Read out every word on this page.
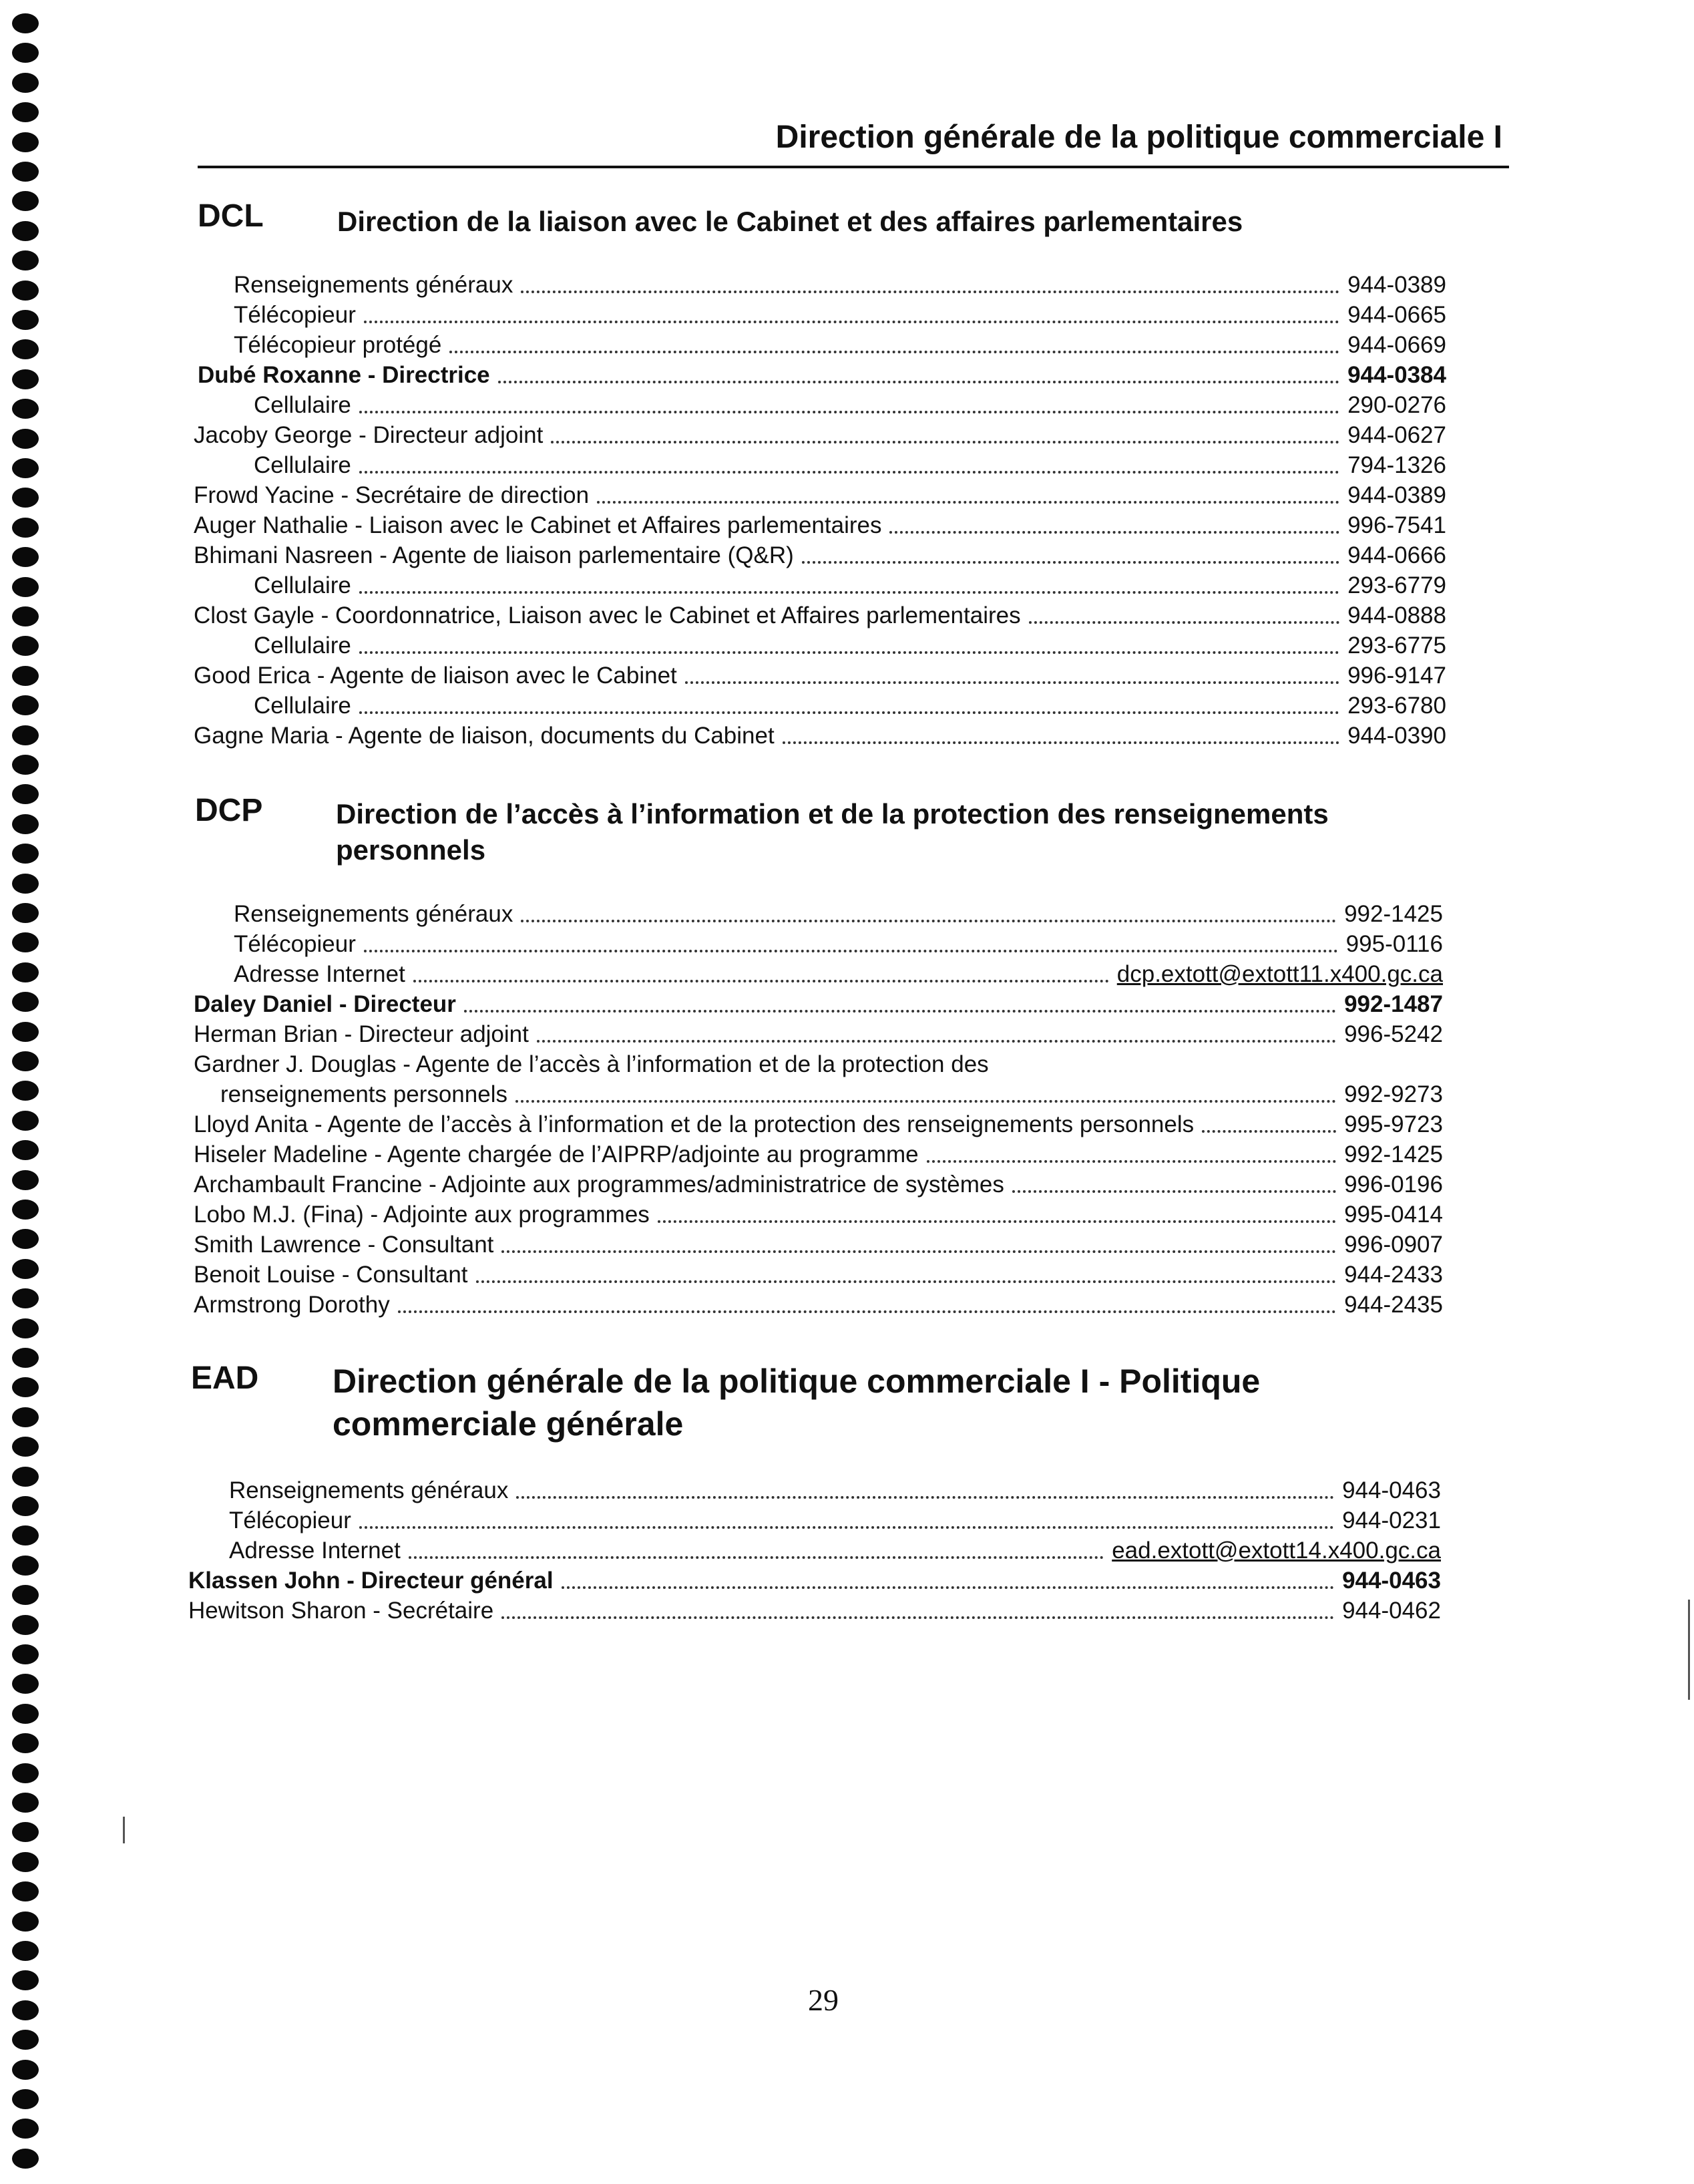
Direction générale de la politique commerciale I
DCL	Direction de la liaison avec le Cabinet et des affaires parlementaires
Renseignements généraux	944-0389
Télécopieur	944-0665
Télécopieur protégé	944-0669
Dubé Roxanne - Directrice	944-0384
Cellulaire	290-0276
Jacoby George - Directeur adjoint	944-0627
Cellulaire	794-1326
Frowd Yacine - Secrétaire de direction	944-0389
Auger Nathalie - Liaison avec le Cabinet et Affaires parlementaires	996-7541
Bhimani Nasreen - Agente de liaison parlementaire (Q&R)	944-0666
Cellulaire	293-6779
Clost Gayle - Coordonnatrice, Liaison avec le Cabinet et Affaires parlementaires	944-0888
Cellulaire	293-6775
Good Erica - Agente de liaison avec le Cabinet	996-9147
Cellulaire	293-6780
Gagne Maria - Agente de liaison, documents du Cabinet	944-0390
DCP	Direction de l’accès à l’information et de la protection des renseignements personnels
Renseignements généraux	992-1425
Télécopieur	995-0116
Adresse Internet	dcp.extott@extott11.x400.gc.ca
Daley Daniel - Directeur	992-1487
Herman Brian - Directeur adjoint	996-5242
Gardner J. Douglas - Agente de l’accès à l’information et de la protection des
renseignements personnels	992-9273
Lloyd Anita - Agente de l’accès à l’information et de la protection des renseignements personnels	995-9723
Hiseler Madeline - Agente chargée de l’AIPRP/adjointe au programme	992-1425
Archambault Francine - Adjointe aux programmes/administratrice de systèmes	996-0196
Lobo M.J. (Fina) - Adjointe aux programmes	995-0414
Smith Lawrence - Consultant	996-0907
Benoit Louise - Consultant	944-2433
Armstrong Dorothy	944-2435
EAD Direction générale de la politique commerciale I - Politique commerciale générale
Renseignements généraux	944-0463
Télécopieur	944-0231
Adresse Internet	ead.extott@extott14.x400.gc.ca
Klassen John - Directeur général	944-0463
Hewitson Sharon - Secrétaire	944-0462
29
